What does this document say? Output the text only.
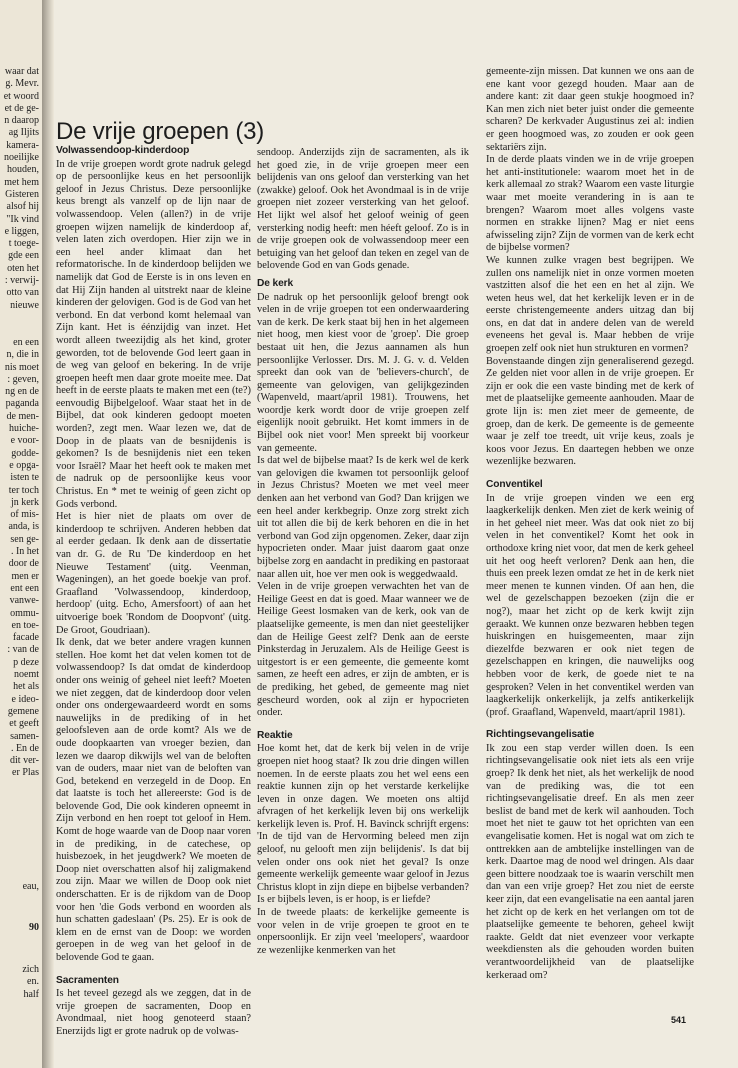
waar dat
g. Mevr.
et woord
et de ge-
n daarop
ag Iljits
kamera-
noeilijke
houden,
met hem
Gisteren
alsof hij
"Ik vind
e liggen,
t toege-
gde een
oten het
: verwij-
otto van
nieuwe

en een
n, die in
nis moet
: geven,
ng en de
paganda
de men-
huiche-
e voor-
godde-
e opga-
isten te
ter toch
jn kerk
of mis-
anda, is
sen ge-
. In het
door de
men er
ent een
vanwe-
ommu-
en toe-
facade
: van de
p deze
noemt
het als
e ideo-
gemene
et geeft
samen-
. En de
dit ver-

er Plas

eau,

90

zich
en.
half

De vrije groepen (3)
Volwassendoop-kinderdoop

In de vrije groepen wordt grote nadruk gelegd op de persoonlijke keus en het persoonlijk geloof in Jezus Christus. Deze persoonlijke keus brengt als vanzelf op de lijn naar de volwassendoop. Velen (allen?) in de vrije groepen wijzen namelijk de kinderdoop af, velen laten zich overdopen. Hier zijn we in een heel ander klimaat dan het reformatorische. In de kinderdoop belijden we namelijk dat God de Eerste is in ons leven en dat Hij Zijn handen al uitstrekt naar de kleine kinderen der gelovigen. God is de God van het verbond. En dat verbond komt helemaal van Zijn kant. Het is éénzijdig van inzet. Het wordt alleen tweezijdig als het kind, groter geworden, tot de belovende God leert gaan in de weg van geloof en bekering. In de vrije groepen heeft men daar grote moeite mee. Dat heeft in de eerste plaats te maken met een (te?) eenvoudig Bijbelgeloof. Waar staat het in de Bijbel, dat ook kinderen gedoopt moeten worden?, zegt men. Waar lezen we, dat de Doop in de plaats van de besnijdenis is gekomen? Is de besnijdenis niet een teken voor Israël? Maar het heeft ook te maken met de nadruk op de persoonlijke keus voor Christus. En * met te weinig of geen zicht op Gods verbond.

Het is hier niet de plaats om over de kinderdoop te schrijven. Anderen hebben dat al eerder gedaan. Ik denk aan de dissertatie van dr. G. de Ru 'De kinderdoop en het Nieuwe Testament' (uitg. Veenman, Wageningen), an het goede boekje van prof. Graafland 'Volwassendoop, kinderdoop, herdoop' (uitg. Echo, Amersfoort) of aan het uitvoerige boek 'Rondom de Doopvont' (uitg. De Groot, Goudriaan).

Ik denk, dat we beter andere vragen kunnen stellen. Hoe komt het dat velen komen tot de volwassendoop? Is dat omdat de kinderdoop onder ons weinig of geheel niet leeft? Moeten we niet zeggen, dat de kinderdoop door velen onder ons ondergewaardeerd wordt en soms nauwelijks in de prediking of in het geloofsleven aan de orde komt? Als we de oude doopkaarten van vroeger bezien, dan lezen we daarop dikwijls wel van de beloften van de ouders, maar niet van de beloften van God, betekend en verzegeld in de Doop. En dat laatste is toch het allereerste: God is de belovende God, Die ook kinderen opneemt in Zijn verbond en hen roept tot geloof in Hem. Komt de hoge waarde van de Doop naar voren in de prediking, in de catechese, op huisbezoek, in het jeugdwerk? We moeten de Doop niet overschatten alsof hij zaligmakend zou zijn. Maar we willen de Doop ook niet onderschatten. Er is de rijkdom van de Doop voor hen 'die Gods verbond en woorden als hun schatten gadeslaan' (Ps. 25). Er is ook de klem en de ernst van de Doop: we worden geroepen in de weg van het geloof in de belovende God te gaan.

Sacramenten

Is het teveel gezegd als we zeggen, dat in de vrije groepen de sacramenten, Doop en Avondmaal, niet hoog genoteerd staan? Enerzijds ligt er grote nadruk op de volwas-

sendoop. Anderzijds zijn de sacramenten, als ik het goed zie, in de vrije groepen meer een belijdenis van ons geloof dan versterking van het (zwakke) geloof. Ook het Avondmaal is in de vrije groepen niet zozeer versterking van het geloof. Het lijkt wel alsof het geloof weinig of geen versterking nodig heeft: men héeft geloof. Zo is in de vrije groepen ook de volwassendoop meer een betuiging van het geloof dan teken en zegel van de belovende God en van Gods genade.

De kerk

De nadruk op het persoonlijk geloof brengt ook velen in de vrije groepen tot een onderwaardering van de kerk. De kerk staat bij hen in het algemeen niet hoog, men kiest voor de 'groep'. Die groep bestaat uit hen, die Jezus aannamen als hun persoonlijke Verlosser. Drs. M. J. G. v. d. Velden spreekt dan ook van de 'believers-church', de gemeente van gelovigen, van gelijkgezinden (Wapenveld, maart/april 1981). Trouwens, het woordje kerk wordt door de vrije groepen zelf eigenlijk nooit gebruikt. Het komt immers in de Bijbel ook niet voor! Men spreekt bij voorkeur van gemeente.

Is dat wel de bijbelse maat? Is de kerk wel de kerk van gelovigen die kwamen tot persoonlijk geloof in Jezus Christus? Moeten we met veel meer denken aan het verbond van God? Dan krijgen we een heel ander kerkbegrip. Onze zorg strekt zich uit tot allen die bij de kerk behoren en die in het verbond van God zijn opgenomen. Zeker, daar zijn hypocrieten onder. Maar juist daarom gaat onze bijbelse zorg en aandacht in prediking en pastoraat naar allen uit, hoe ver men ook is weggedwaald.

Velen in de vrije groepen verwachten het van de Heilige Geest en dat is goed. Maar wanneer we de Heilige Geest losmaken van de kerk, ook van de plaatselijke gemeente, is men dan niet geestelijker dan de Heilige Geest zelf? Denk aan de eerste Pinksterdag in Jeruzalem. Als de Heilige Geest is uitgestort is er een gemeente, die gemeente komt samen, ze heeft een adres, er zijn de ambten, er is de prediking, het gebed, de gemeente mag niet gescheurd worden, ook al zijn er hypocrieten onder.

Reaktie

Hoe komt het, dat de kerk bij velen in de vrije groepen niet hoog staat? Ik zou drie dingen willen noemen. In de eerste plaats zou het wel eens een reaktie kunnen zijn op het verstarde kerkelijke leven in onze dagen. We moeten ons altijd afvragen of het kerkelijk leven bij ons werkelijk kerkelijk leven is. Prof. H. Bavinck schrijft ergens: 'In de tijd van de Hervorming beleed men zijn geloof, nu gelooft men zijn belijdenis'. Is dat bij velen onder ons ook niet het geval? Is onze gemeente werkelijk gemeente waar geloof in Jezus Christus klopt in zijn diepe en bijbelse verbanden? Is er bijbels leven, is er hoop, is er liefde?

In de tweede plaats: de kerkelijke gemeente is voor velen in de vrije groepen te groot en te onpersoonlijk. Er zijn veel 'meelopers', waardoor ze wezenlijke kenmerken van het

gemeente-zijn missen. Dat kunnen we ons aan de ene kant voor gezegd houden. Maar aan de andere kant: zit daar geen stukje hoogmoed in? Kan men zich niet beter juist onder die gemeente scharen? De kerkvader Augustinus zei al: indien er geen hoogmoed was, zo zouden er ook geen sektariërs zijn.

In de derde plaats vinden we in de vrije groepen het anti-institutionele: waarom moet het in de kerk allemaal zo strak? Waarom een vaste liturgie waar met moeite verandering in is aan te brengen? Waarom moet alles volgens vaste normen en strakke lijnen? Mag er niet eens afwisseling zijn? Zijn de vormen van de kerk echt de bijbelse vormen?

We kunnen zulke vragen best begrijpen. We zullen ons namelijk niet in onze vormen moeten vastzitten alsof die het een en het al zijn. We weten heus wel, dat het kerkelijk leven er in de eerste christengemeente anders uitzag dan bij ons, en dat dat in andere delen van de wereld eveneens het geval is. Maar hebben de vrije groepen zelf ook niet hun strukturen en vormen?

Bovenstaande dingen zijn generaliserend gezegd. Ze gelden niet voor allen in de vrije groepen. Er zijn er ook die een vaste binding met de kerk of met de plaatselijke gemeente aanhouden. Maar de grote lijn is: men ziet meer de gemeente, de groep, dan de kerk. De gemeente is de gemeente waar je zelf toe treedt, uit vrije keus, zoals je koos voor Jezus. En daartegen hebben we onze wezenlijke bezwaren.

Conventikel

In de vrije groepen vinden we een erg laagkerkelijk denken. Men ziet de kerk weinig of in het geheel niet meer. Was dat ook niet zo bij velen in het conventikel? Komt het ook in orthodoxe kring niet voor, dat men de kerk geheel uit het oog heeft verloren? Denk aan hen, die thuis een preek lezen omdat ze het in de kerk niet meer menen te kunnen vinden. Of aan hen, die wel de gezelschappen bezoeken (zijn die er nog?), maar het zicht op de kerk kwijt zijn geraakt. We kunnen onze bezwaren hebben tegen huiskringen en huisgemeenten, maar zijn diezelfde bezwaren er ook niet tegen de gezelschappen en kringen, die nauwelijks oog hebben voor de kerk, de goede niet te na gesproken? Velen in het conventikel werden van laagkerkelijk onkerkelijk, ja zelfs antikerkelijk (prof. Graafland, Wapenveld, maart/april 1981).

Richtingsevangelisatie

Ik zou een stap verder willen doen. Is een richtingsevangelisatie ook niet iets als een vrije groep? Ik denk het niet, als het werkelijk de nood van de prediking was, die tot een richtingsevangelisatie dreef. En als men zeer beslist de band met de kerk wil aanhouden. Toch moet het niet te gauw tot het oprichten van een evangelisatie komen. Het is nogal wat om zich te onttrekken aan de ambtelijke instellingen van de kerk. Daartoe mag de nood wel dringen. Als daar geen bittere noodzaak toe is waarin verschilt men dan van een vrije groep? Het zou niet de eerste keer zijn, dat een evangelisatie na een aantal jaren het zicht op de kerk en het verlangen om tot de plaatselijke gemeente te behoren, geheel kwijt raakte. Geldt dat niet evenzeer voor verkapte weekdiensten als die gehouden worden buiten verantwoordelijkheid van de plaatselijke kerkeraad om?

541
